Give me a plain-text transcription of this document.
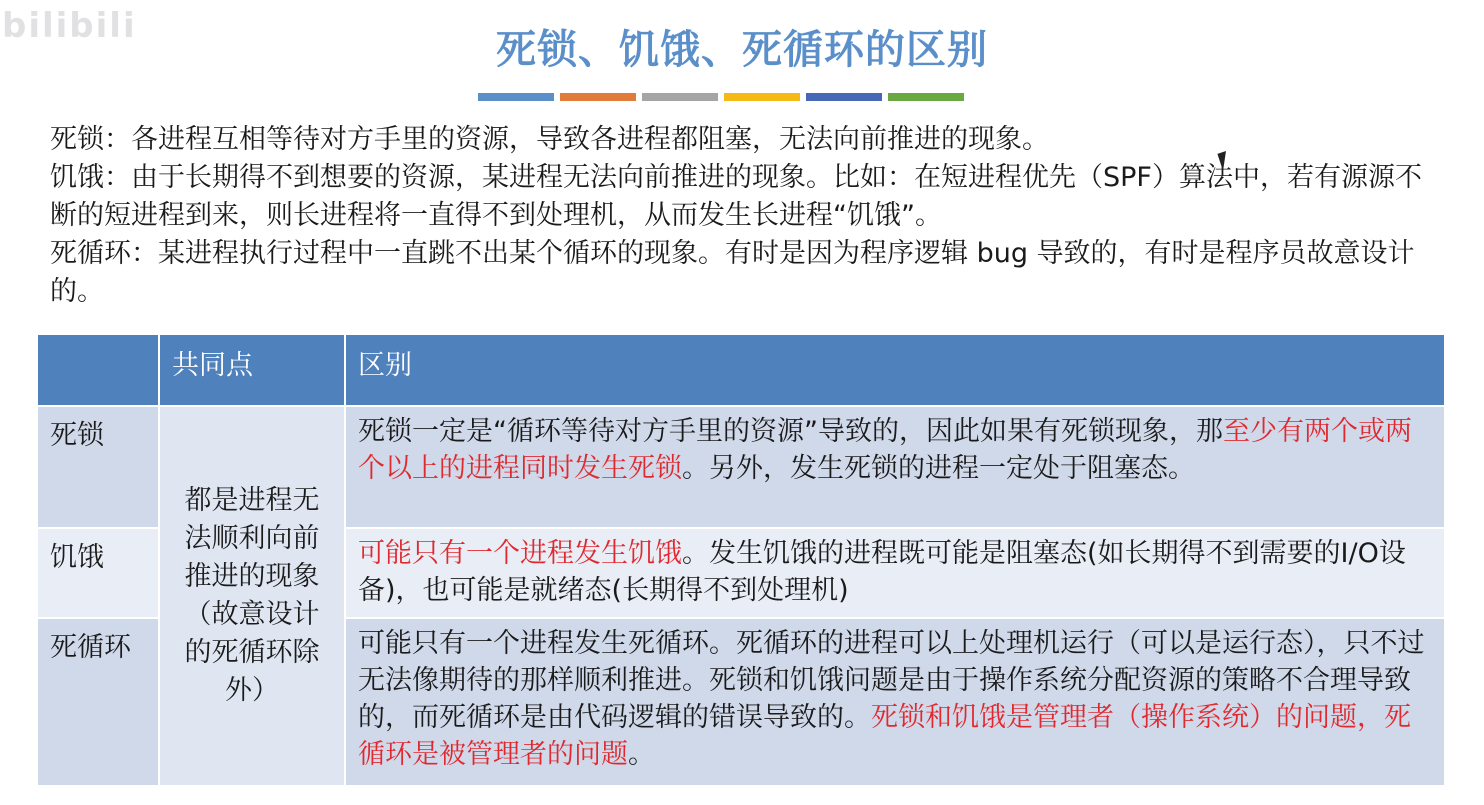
bilibili
死锁、饥饿、死循环的区别

死锁：各进程互相等待对方手里的资源，导致各进程都阻塞，无法向前推进的现象。

饥饿：由于长期得不到想要的资源，某进程无法向前推进的现象。比如：在短进程优先（SPF）算法中，若有源源不断的短进程到来，则长进程将一直得不到处理机，从而发生长进程“饥饿”。

死循环：某进程执行过程中一直跳不出某个循环的现象。有时是因为程序逻辑 bug 导致的，有时是程序员故意设计的。

	共同点	区别
死锁	都是进程无法顺利向前推进的现象（故意设计的死循环除外）	死锁一定是“循环等待对方手里的资源”导致的，因此如果有死锁现象，那至少有两个或两个以上的进程同时发生死锁。另外，发生死锁的进程一定处于阻塞态。
饥饿		可能只有一个进程发生饥饿。发生饥饿的进程既可能是阻塞态(如长期得不到需要的I/O设备)，也可能是就绪态(长期得不到处理机)
死循环		可能只有一个进程发生死循环。死循环的进程可以上处理机运行（可以是运行态），只不过无法像期待的那样顺利推进。死锁和饥饿问题是由于操作系统分配资源的策略不合理导致的，而死循环是由代码逻辑的错误导致的。死锁和饥饿是管理者（操作系统）的问题，死循环是被管理者的问题。
